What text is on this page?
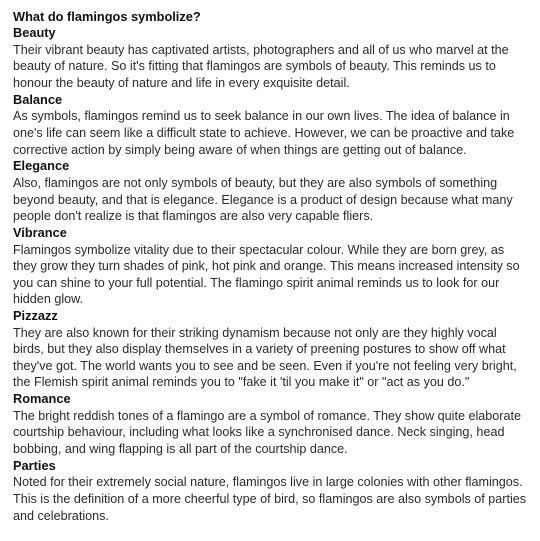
What do flamingos symbolize?
Beauty

Their vibrant beauty has captivated artists, photographers and all of us who marvel at the beauty of nature. So it's fitting that flamingos are symbols of beauty. This reminds us to honour the beauty of nature and life in every exquisite detail.

Balance

As symbols, flamingos remind us to seek balance in our own lives. The idea of balance in one's life can seem like a difficult state to achieve. However, we can be proactive and take corrective action by simply being aware of when things are getting out of balance.

Elegance

Also, flamingos are not only symbols of beauty, but they are also symbols of something beyond beauty, and that is elegance. Elegance is a product of design because what many people don't realize is that flamingos are also very capable fliers.

Vibrance

Flamingos symbolize vitality due to their spectacular colour. While they are born grey, as they grow they turn shades of pink, hot pink and orange. This means increased intensity so you can shine to your full potential. The flamingo spirit animal reminds us to look for our hidden glow.

Pizzazz

They are also known for their striking dynamism because not only are they highly vocal birds, but they also display themselves in a variety of preening postures to show off what they've got. The world wants you to see and be seen. Even if you're not feeling very bright, the Flemish spirit animal reminds you to "fake it 'til you make it" or "act as you do."

Romance

The bright reddish tones of a flamingo are a symbol of romance. They show quite elaborate courtship behaviour, including what looks like a synchronised dance. Neck singing, head bobbing, and wing flapping is all part of the courtship dance.

Parties

Noted for their extremely social nature, flamingos live in large colonies with other flamingos. This is the definition of a more cheerful type of bird, so flamingos are also symbols of parties and celebrations.
